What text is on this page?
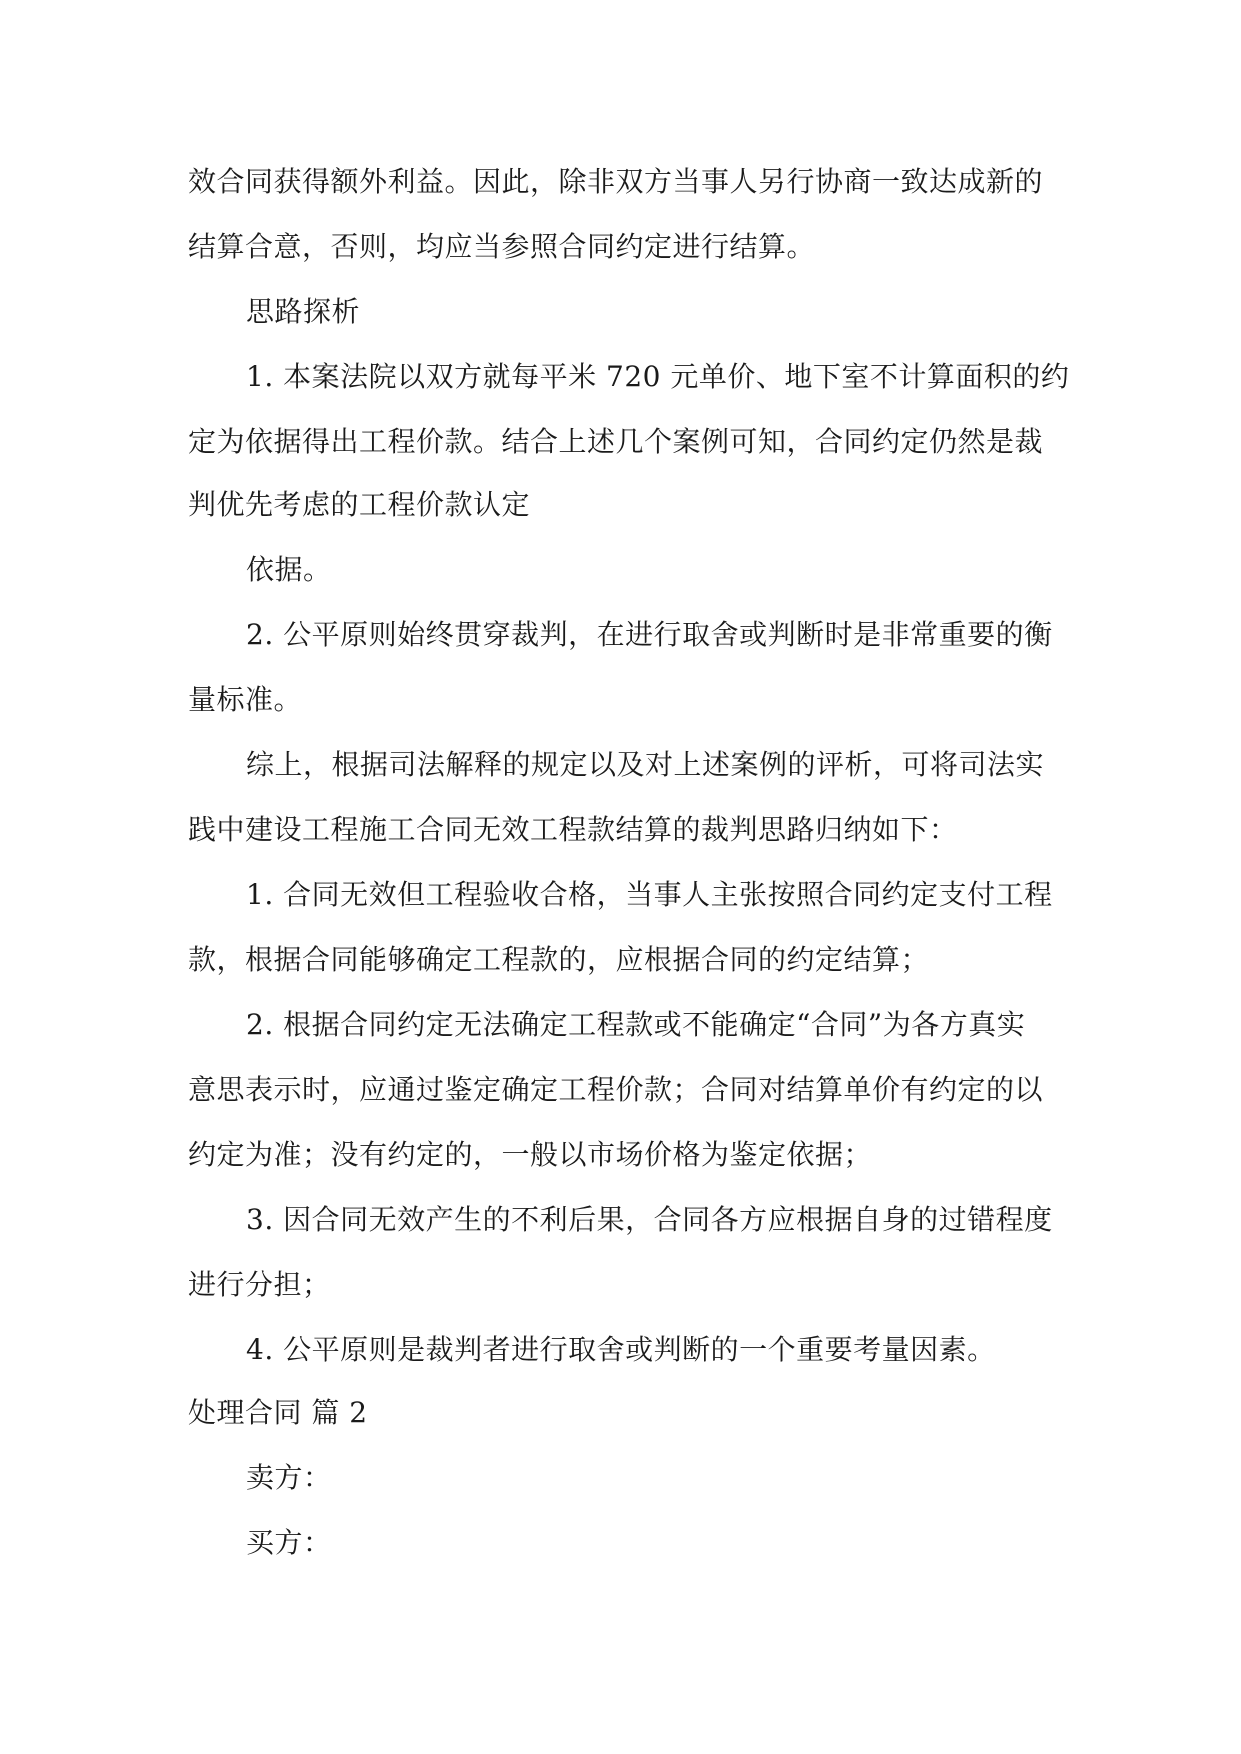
效合同获得额外利益。因此，除非双方当事人另行协商一致达成新的
结算合意，否则，均应当参照合同约定进行结算。
思路探析
1. 本案法院以双方就每平米 720 元单价、地下室不计算面积的约
定为依据得出工程价款。结合上述几个案例可知，合同约定仍然是裁
判优先考虑的工程价款认定
依据。
2. 公平原则始终贯穿裁判，在进行取舍或判断时是非常重要的衡
量标准。
综上，根据司法解释的规定以及对上述案例的评析，可将司法实
践中建设工程施工合同无效工程款结算的裁判思路归纳如下：
1. 合同无效但工程验收合格，当事人主张按照合同约定支付工程
款，根据合同能够确定工程款的，应根据合同的约定结算；
2. 根据合同约定无法确定工程款或不能确定“合同”为各方真实
意思表示时，应通过鉴定确定工程价款；合同对结算单价有约定的以
约定为准；没有约定的，一般以市场价格为鉴定依据；
3. 因合同无效产生的不利后果，合同各方应根据自身的过错程度
进行分担；
4. 公平原则是裁判者进行取舍或判断的一个重要考量因素。
处理合同 篇 2
卖方：
买方：
